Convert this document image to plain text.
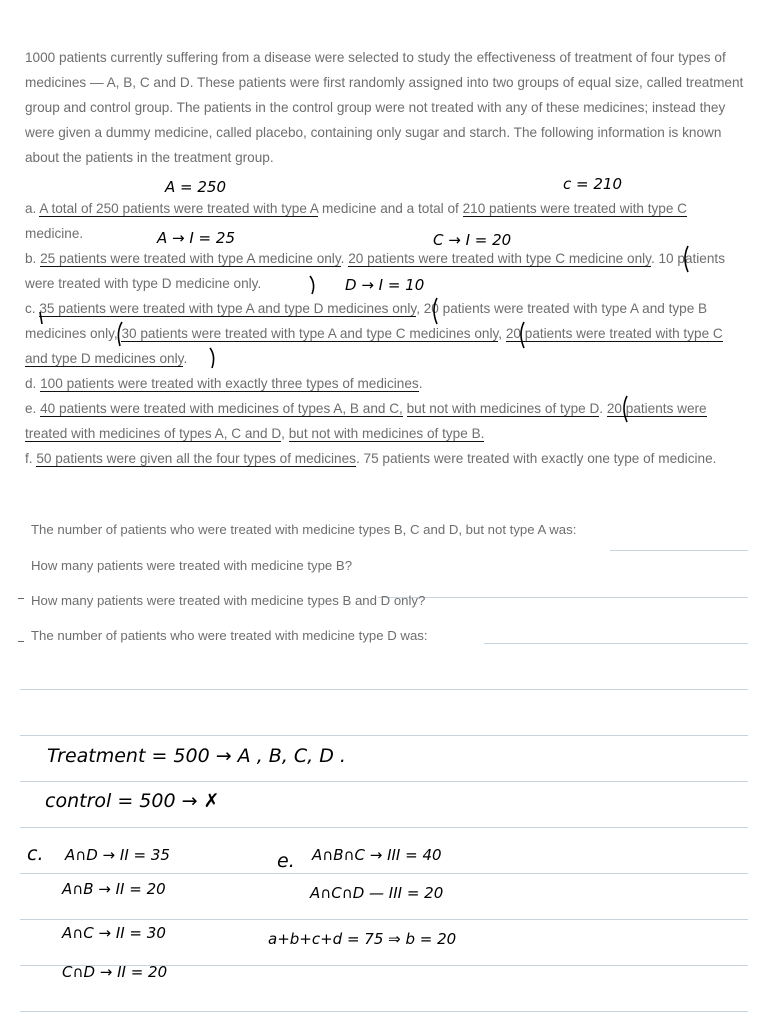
1000 patients currently suffering from a disease were selected to study the effectiveness of treatment of four types of medicines — A, B, C and D. These patients were first randomly assigned into two groups of equal size, called treatment group and control group. The patients in the control group were not treated with any of these medicines; instead they were given a dummy medicine, called placebo, containing only sugar and starch. The following information is known about the patients in the treatment group.
A = 250	c = 210
A → I = 25	C → I = 20
D → I = 10

a. A total of 250 patients were treated with type A medicine and a total of 210 patients were treated with type C medicine.

b. 25 patients were treated with type A medicine only. 20 patients were treated with type C medicine only. 10 patients were treated with type D medicine only.

c. 35 patients were treated with type A and type D medicines only, 20 patients were treated with type A and type B medicines only, 30 patients were treated with type A and type C medicines only, 20 patients were treated with type C and type D medicines only.

d. 100 patients were treated with exactly three types of medicines.

e. 40 patients were treated with medicines of types A, B and C, but not with medicines of type D. 20 patients were treated with medicines of types A, C and D, but not with medicines of type B.

f. 50 patients were given all the four types of medicines. 75 patients were treated with exactly one type of medicine.

The number of patients who were treated with medicine types B, C and D, but not type A was:
How many patients were treated with medicine type B?
How many patients were treated with medicine types B and D only?
The number of patients who were treated with medicine type D was:
Treatment = 500 → A , B, C, D .
control = 500 → ✗
c. A∩D → II = 35
A∩B → II = 20
A∩C → II = 30
C∩D → II = 20
e. A∩B∩C → III = 40
A∩C∩D — III = 20
a+b+c+d = 75 ⇒ b = 20
